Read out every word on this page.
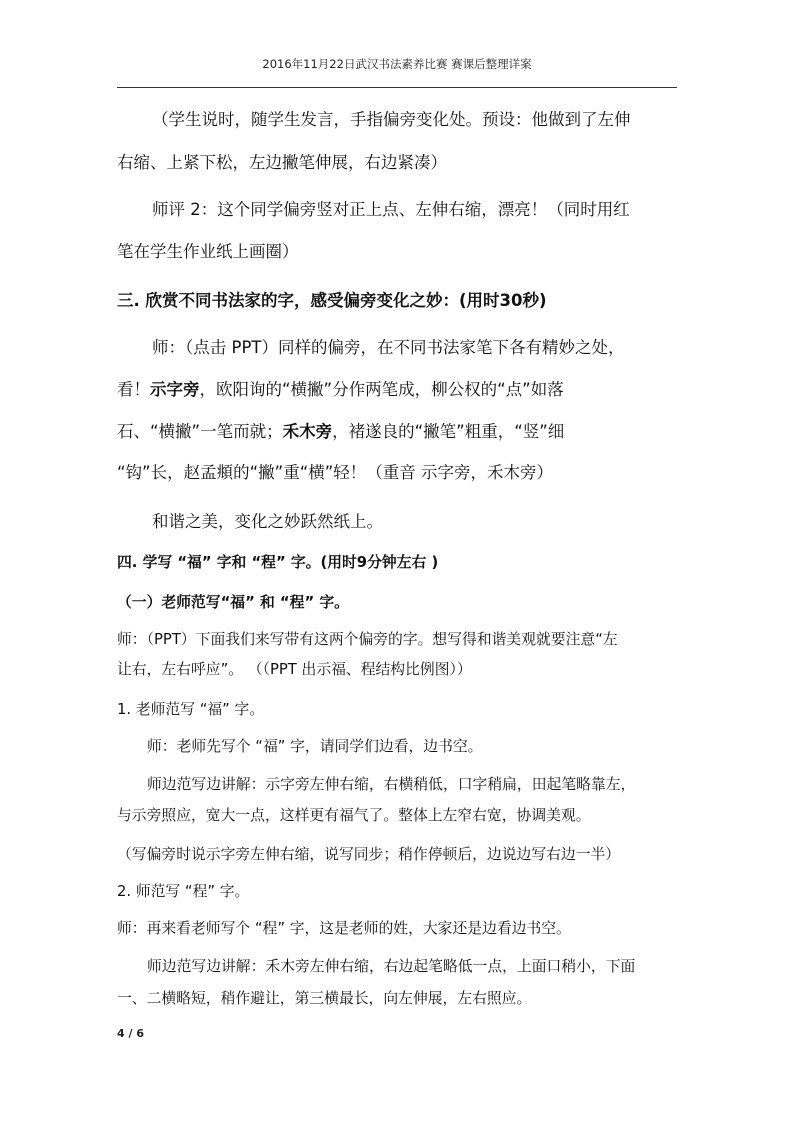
2016年11月22日武汉书法素养比赛 赛课后整理详案
（学生说时，随学生发言，手指偏旁变化处。预设：他做到了左伸
右缩、上紧下松，左边撇笔伸展，右边紧凑）
师评 2：这个同学偏旁竖对正上点、左伸右缩，漂亮！（同时用红
笔在学生作业纸上画圈）
三. 欣赏不同书法家的字，感受偏旁变化之妙：(用时30秒)
师：（点击 PPT）同样的偏旁，在不同书法家笔下各有精妙之处，
看！示字旁，欧阳询的“横撇”分作两笔成，柳公权的“点”如落
石、“横撇”一笔而就；禾木旁，褚遂良的“撇笔”粗重，“竖”细
“钩”长，赵孟頫的“撇”重“横”轻！（重音 示字旁，禾木旁）
和谐之美，变化之妙跃然纸上。
四. 学写 “福” 字和 “程” 字。(用时9分钟左右 )
（一）老师范写“福” 和 “程” 字。
师：（PPT）下面我们来写带有这两个偏旁的字。想写得和谐美观就要注意“左
让右，左右呼应”。 （（PPT 出示福、程结构比例图））
1. 老师范写 “福” 字。
师：老师先写个 “福” 字，请同学们边看，边书空。
师边范写边讲解：示字旁左伸右缩，右横稍低，口字稍扁，田起笔略靠左，
与示旁照应，宽大一点，这样更有福气了。整体上左窄右宽，协调美观。
（写偏旁时说示字旁左伸右缩，说写同步；稍作停顿后，边说边写右边一半）
2. 师范写 “程” 字。
师：再来看老师写个 “程” 字，这是老师的姓，大家还是边看边书空。
师边范写边讲解：禾木旁左伸右缩，右边起笔略低一点，上面口稍小，下面
一、二横略短，稍作避让，第三横最长，向左伸展，左右照应。
4 / 6
